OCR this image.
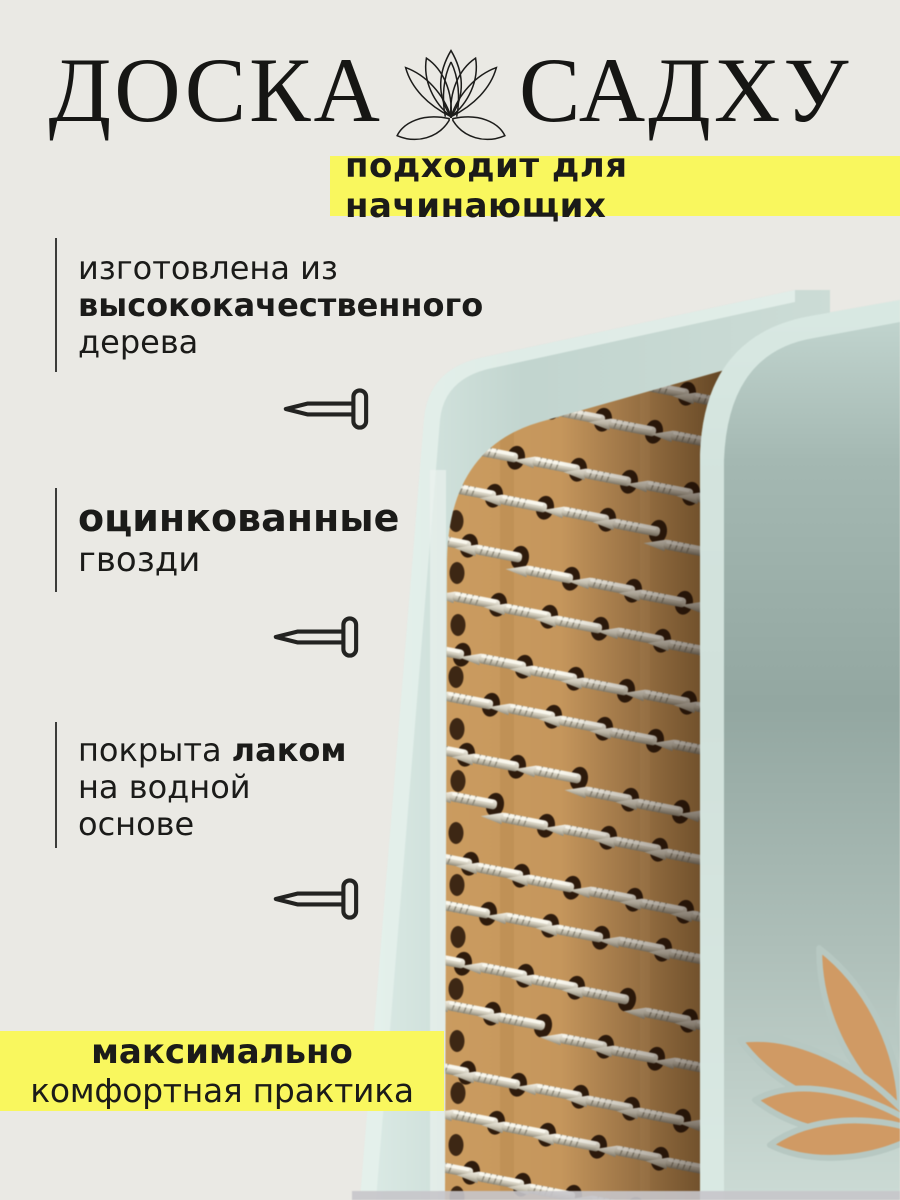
ДОСКА САДХУ
подходит для начинающих
изготовлена из
высококачественного
дерева
оцинкованные
гвозди
покрыта лаком
на водной
основе
максимально
комфортная практика
